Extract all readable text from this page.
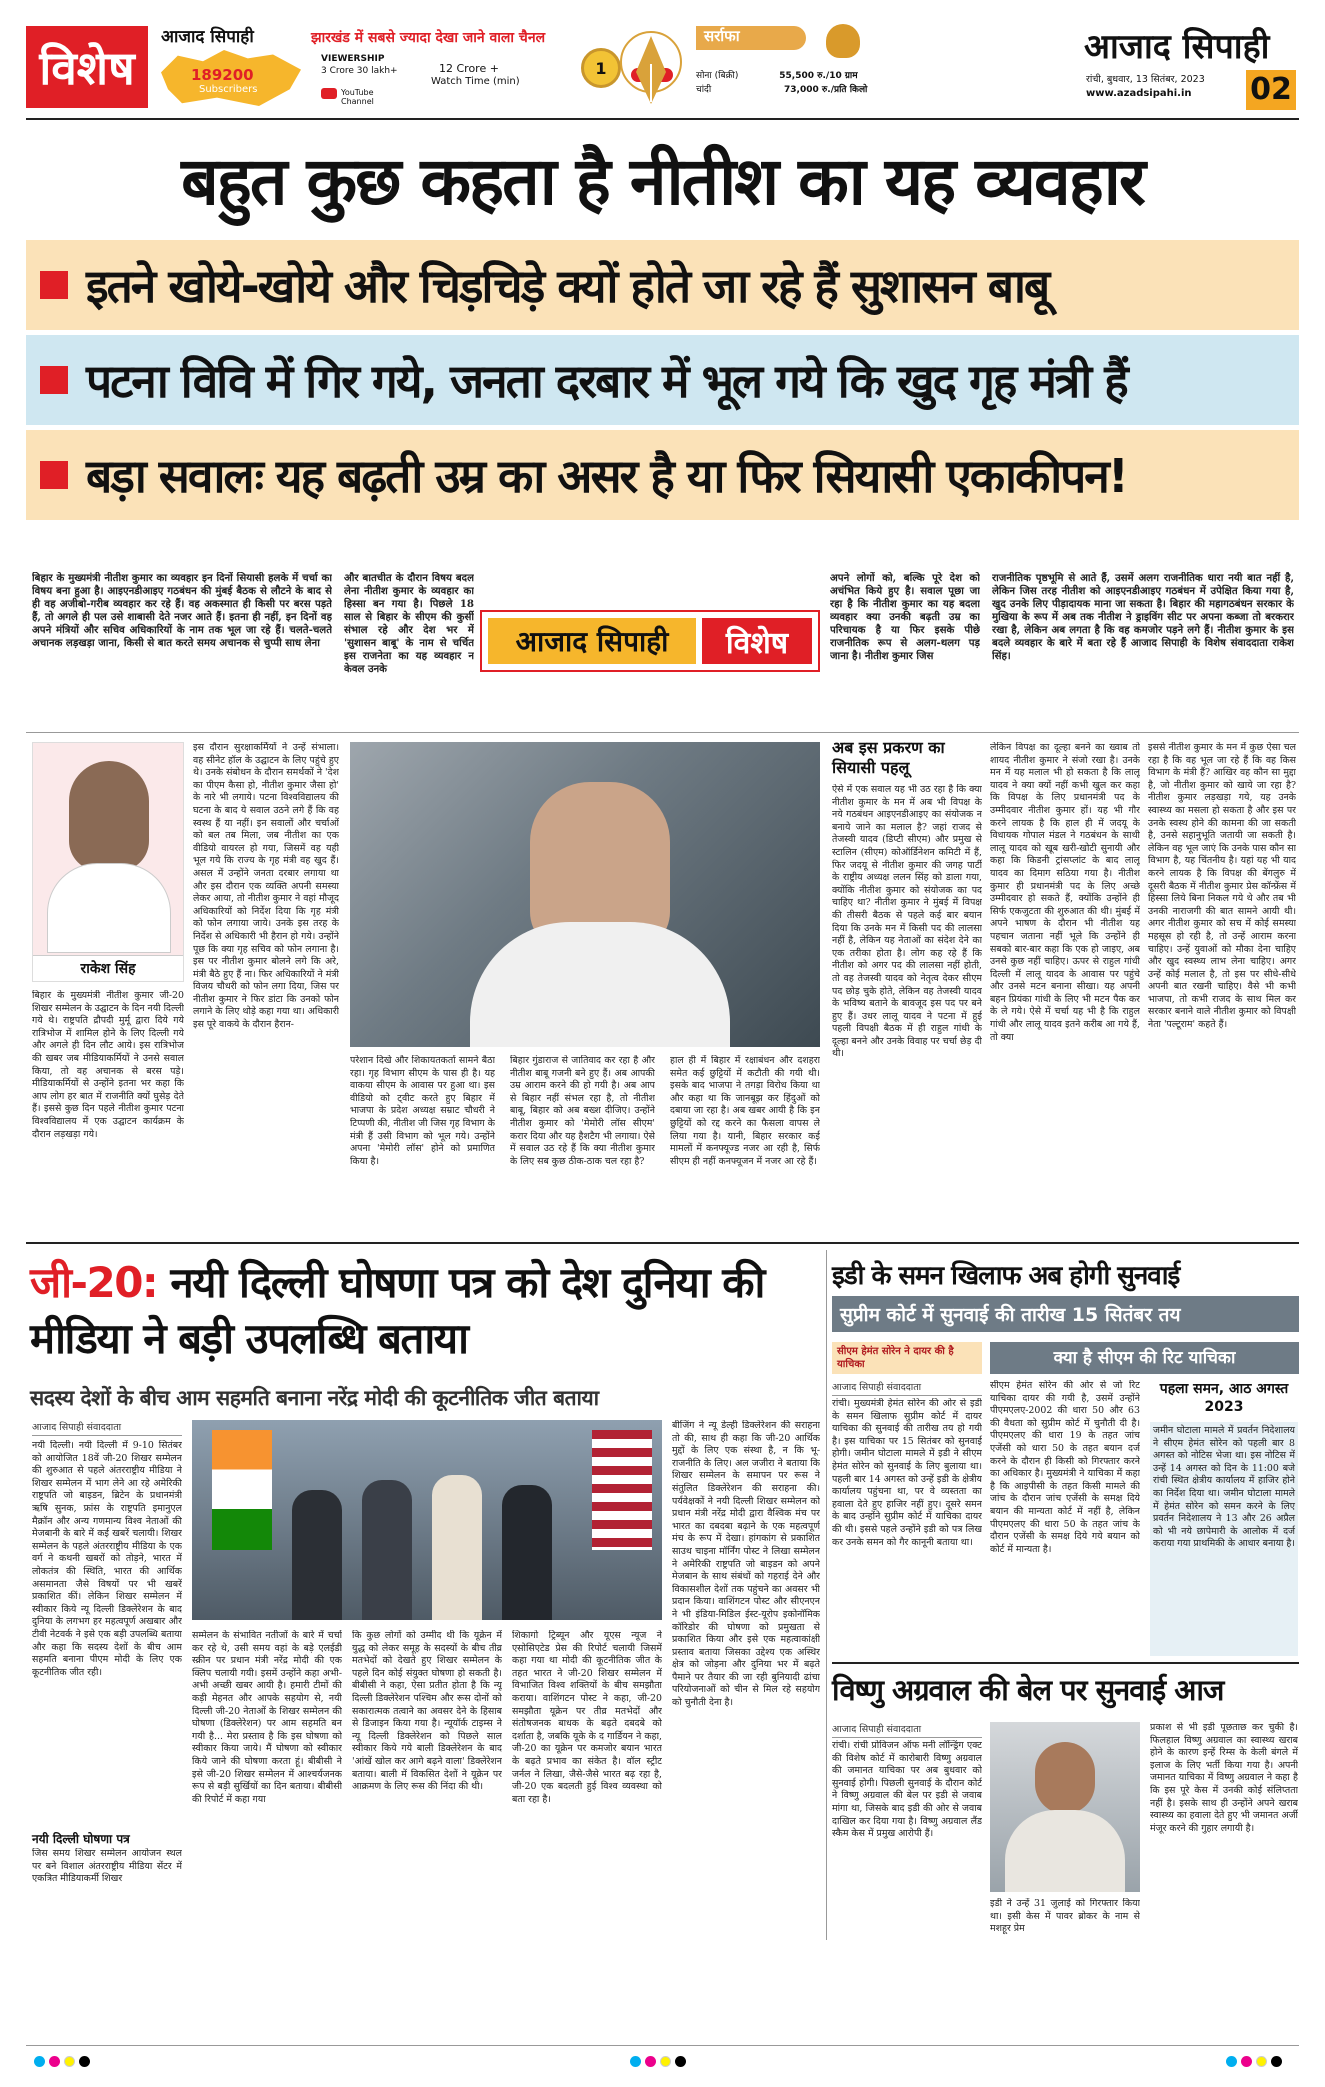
विशेष
आजाद सिपाही
189200
Subscribers
झारखंड में सबसे ज्यादा देखा जाने वाला चैनल
VIEWERSHIP
3 Crore 30 lakh+	12 Crore +
Watch Time (min)
YouTube Channel
1
सर्राफा
सोना (बिक्री)	55,500 रु./10 ग्राम
चांदी	73,000 रु./प्रति किलो
आजाद सिपाही
रांची, बुधवार, 13 सितंबर, 2023
www.azadsipahi.in 02
बहुत कुछ कहता है नीतीश का यह व्यवहार
इतने खोये-खोये और चिड़चिड़े क्यों होते जा रहे हैं सुशासन बाबू
पटना विवि में गिर गये, जनता दरबार में भूल गये कि खुद गृह मंत्री हैं
बड़ा सवालः यह बढ़ती उम्र का असर है या फिर सियासी एकाकीपन!
बिहार के मुख्यमंत्री नीतीश कुमार का व्यवहार इन दिनों सियासी हलके में चर्चा का विषय बना हुआ है। आइएनडीआइए गठबंधन की मुंबई बैठक से लौटने के बाद से ही वह अजीबो-गरीब व्यवहार कर रहे हैं। वह अकस्मात ही किसी पर बरस पड़ते हैं, तो अगले ही पल उसे शाबासी देते नजर आते हैं। इतना ही नहीं, इन दिनों वह अपने मंत्रियों और सचिव अधिकारियों के नाम तक भूल जा रहे हैं। चलते-चलते अचानक लड़खड़ा जाना, किसी से बात करते समय अचानक से चुप्पी साध लेना
और बातचीत के दौरान विषय बदल लेना नीतीश कुमार के व्यवहार का हिस्सा बन गया है। पिछले 18 साल से बिहार के सीएम की कुर्सी संभाल रहे और देश भर में 'सुशासन बाबू' के नाम से चर्चित इस राजनेता का यह व्यवहार न केवल उनके
आजाद सिपाही	विशेष
अपने लोगों को, बल्कि पूरे देश को अचंभित किये हुए है। सवाल पूछा जा रहा है कि नीतीश कुमार का यह बदला व्यवहार क्या उनकी बढ़ती उम्र का परिचायक है या फिर इसके पीछे राजनीतिक रूप से अलग-थलग पड़ जाना है। नीतीश कुमार जिस
राजनीतिक पृष्ठभूमि से आते हैं, उसमें अलग राजनीतिक धारा नयी बात नहीं है, लेकिन जिस तरह नीतीश को आइएनडीआइए गठबंधन में उपेक्षित किया गया है, खुद उनके लिए पीड़ादायक माना जा सकता है। बिहार की महागठबंधन सरकार के मुखिया के रूप में अब तक नीतीश ने ड्राइविंग सीट पर अपना कब्जा तो बरकरार रखा है, लेकिन अब लगता है कि वह कमजोर पड़ने लगे हैं। नीतीश कुमार के इस बदले व्यवहार के बारे में बता रहे हैं आजाद सिपाही के विशेष संवाददाता राकेश सिंह।
राकेश सिंह
बिहार के मुख्यमंत्री नीतीश कुमार जी-20 शिखर सम्मेलन के उद्घाटन के दिन नयी दिल्ली गये थे। राष्ट्रपति द्रौपदी मुर्मू द्वारा दिये गये रात्रिभोज में शामिल होने के लिए दिल्ली गये और अगले ही दिन लौट आये। इस रात्रिभोज की खबर जब मीडियाकर्मियों ने उनसे सवाल किया, तो वह अचानक से बरस पड़े। मीडियाकर्मियों से उन्होंने इतना भर कहा कि आप लोग हर बात में राजनीति क्यों घुसेड़ देते हैं। इससे कुछ दिन पहले नीतीश कुमार पटना विश्वविद्यालय में एक उद्घाटन कार्यक्रम के दौरान लड़खड़ा गये।
इस दौरान सुरक्षाकर्मियों ने उन्हें संभाला। वह सीनेट हॉल के उद्घाटन के लिए पहुंचे हुए थे। उनके संबोधन के दौरान समर्थकों ने 'देश का पीएम कैसा हो, नीतीश कुमार जैसा हो' के नारे भी लगाये। पटना विश्वविद्यालय की घटना के बाद ये सवाल उठने लगे हैं कि वह स्वस्थ हैं या नहीं। इन सवालों और चर्चाओं को बल तब मिला, जब नीतीश का एक वीडियो वायरल हो गया, जिसमें वह यही भूल गये कि राज्य के गृह मंत्री वह खुद हैं। असल में उन्होंने जनता दरबार लगाया था और इस दौरान एक व्यक्ति अपनी समस्या लेकर आया, तो नीतीश कुमार ने वहां मौजूद अधिकारियों को निर्देश दिया कि गृह मंत्री को फोन लगाया जाये। उनके इस तरह के निर्देश से अधिकारी भी हैरान हो गये। उन्होंने पूछ कि क्या गृह सचिव को फोन लगाना है। इस पर नीतीश कुमार बोलने लगे कि अरे, मंत्री बैठे हुए हैं ना। फिर अधिकारियों ने मंत्री विजय चौधरी को फोन लगा दिया, जिस पर नीतीश कुमार ने फिर डांटा कि उनको फोन लगाने के लिए थोड़े कहा गया था। अधिकारी इस पूरे वाकये के दौरान हैरान-
परेशान दिखे और शिकायतकर्ता सामने बैठा रहा। गृह विभाग सीएम के पास ही है। यह वाकया सीएम के आवास पर हुआ था। इस वीडियो को ट्वीट करते हुए बिहार में भाजपा के प्रदेश अध्यक्ष सम्राट चौधरी ने टिप्पणी की, नीतीश जी जिस गृह विभाग के मंत्री हैं उसी विभाग को भूल गये। उन्होंने अपना 'मेमोरी लॉस' होने को प्रमाणित किया है।
बिहार गुंडाराज से जातिवाद कर रहा है और नीतीश बाबू गजनी बने हुए हैं। अब आपकी उम्र आराम करने की हो गयी है। अब आप से बिहार नहीं संभल रहा है, तो नीतीश बाबू, बिहार को अब बख्श दीजिए। उन्होंने नीतीश कुमार को 'मेमोरी लॉस सीएम' करार दिया और यह हैशटैग भी लगाया। ऐसे में सवाल उठ रहे हैं कि क्या नीतीश कुमार के लिए सब कुछ ठीक-ठाक चल रहा है?
हाल ही में बिहार में रक्षाबंधन और दशहरा समेत कई छुट्टियों में कटौती की गयी थी। इसके बाद भाजपा ने तगड़ा विरोध किया था और कहा था कि जानबूझ कर हिंदुओं को दबाया जा रहा है। अब खबर आयी है कि इन छुट्टियों को रद्द करने का फैसला वापस ले लिया गया है। यानी, बिहार सरकार कई मामलों में कनफ्यूज्ड नजर आ रही है, सिर्फ सीएम ही नहीं कनफ्यूजन में नजर आ रहे हैं।
अब इस प्रकरण का सियासी पहलू
ऐसे में एक सवाल यह भी उठ रहा है कि क्या नीतीश कुमार के मन में अब भी विपक्ष के नये गठबंधन आइएनडीआइए का संयोजक न बनाये जाने का मलाल है? जहां राजद से तेजस्वी यादव (डिप्टी सीएम) और प्रमुख से स्टालिन (सीएम) कोऑर्डिनेशन कमिटी में हैं, फिर जदयू से नीतीश कुमार की जगह पार्टी के राष्ट्रीय अध्यक्ष ललन सिंह को डाला गया, क्योंकि नीतीश कुमार को संयोजक का पद चाहिए था? नीतीश कुमार ने मुंबई में विपक्ष की तीसरी बैठक से पहले कई बार बयान दिया कि उनके मन में किसी पद की लालसा नहीं है, लेकिन यह नेताओं का संदेश देने का एक तरीका होता है। लोग कह रहे हैं कि नीतीश को अगर पद की लालसा नहीं होती, तो वह तेजस्वी यादव को नेतृत्व देकर सीएम पद छोड़ चुके होते, लेकिन वह तेजस्वी यादव के भविष्य बताने के बावजूद इस पद पर बने हुए हैं। उधर लालू यादव ने पटना में हुई पहली विपक्षी बैठक में ही राहुल गांधी के दूल्हा बनने और उनके विवाह पर चर्चा छेड़ दी थी।
लेकिन विपक्ष का दूल्हा बनने का ख्वाब तो शायद नीतीश कुमार ने संजो रखा है। उनके मन में यह मलाल भी हो सकता है कि लालू यादव ने क्या क्यों नहीं कभी खुल कर कहा कि विपक्ष के लिए प्रधानमंत्री पद के उम्मीदवार नीतीश कुमार हों। यह भी गौर करने लायक है कि हाल ही में जदयू के विधायक गोपाल मंडल ने गठबंधन के साथी लालू यादव को खूब खरी-खोटी सुनायी और कहा कि किडनी ट्रांसप्लांट के बाद लालू यादव का दिमाग सठिया गया है। नीतीश कुमार ही प्रधानमंत्री पद के लिए अच्छे उम्मीदवार हो सकते हैं, क्योंकि उन्होंने ही सिर्फ एकजुटता की शुरुआत की थी। मुंबई में अपने भाषण के दौरान भी नीतीश यह पहचान जताना नहीं भूले कि उन्होंने ही सबको बार-बार कहा कि एक हो जाइए, अब उनसे कुछ नहीं चाहिए। ऊपर से राहुल गांधी दिल्ली में लालू यादव के आवास पर पहुंचे और उनसे मटन बनाना सीखा। यह अपनी बहन प्रियंका गांधी के लिए भी मटन पैक कर के ले गये। ऐसे में चर्चा यह भी है कि राहुल गांधी और लालू यादव इतने करीब आ गये हैं, तो क्या
इससे नीतीश कुमार के मन में कुछ ऐसा चल रहा है कि वह भूल जा रहे हैं कि वह किस विभाग के मंत्री हैं? आखिर वह कौन सा मुद्दा है, जो नीतीश कुमार को खाये जा रहा है? नीतीश कुमार लड़खड़ा गये, यह उनके स्वास्थ्य का मसला हो सकता है और इस पर उनके स्वस्थ होने की कामना की जा सकती है, उनसे सहानुभूति जतायी जा सकती है। लेकिन वह भूल जाएं कि उनके पास कौन सा विभाग है, यह चिंतनीय है। यहां यह भी याद करने लायक है कि विपक्ष की बेंगलुरु में दूसरी बैठक में नीतीश कुमार प्रेस कॉन्फ्रेंस में हिस्सा लिये बिना निकल गये थे और तब भी उनकी नाराजगी की बात सामने आयी थी। अगर नीतीश कुमार को सच में कोई समस्या महसूस हो रही है, तो उन्हें आराम करना चाहिए। उन्हें युवाओं को मौका देना चाहिए और खुद स्वस्थ्य लाभ लेना चाहिए। अगर उन्हें कोई मलाल है, तो इस पर सीधे-सीधे अपनी बात रखनी चाहिए। वैसे भी कभी भाजपा, तो कभी राजद के साथ मिल कर सरकार बनाने वाले नीतीश कुमार को विपक्षी नेता 'पल्टूराम' कहते हैं।
जी-20: नयी दिल्ली घोषणा पत्र को देश दुनिया की मीडिया ने बड़ी उपलब्धि बताया
सदस्य देशों के बीच आम सहमति बनाना नरेंद्र मोदी की कूटनीतिक जीत बताया
आजाद सिपाही संवाददाता
नयी दिल्ली। नयी दिल्ली में 9-10 सितंबर को आयोजित 18वें जी-20 शिखर सम्मेलन की शुरुआत से पहले अंतरराष्ट्रीय मीडिया ने शिखर सम्मेलन में भाग लेने आ रहे अमेरिकी राष्ट्रपति जो बाइडन, ब्रिटेन के प्रधानमंत्री ऋषि सुनक, फ्रांस के राष्ट्रपति इमानुएल मैक्रॉन और अन्य गणमान्य विश्व नेताओं की मेजबानी के बारे में कई खबरें चलायी। शिखर सम्मेलन के पहले अंतरराष्ट्रीय मीडिया के एक वर्ग ने कथनी खबरों को तोड़ने, भारत में लोकतंत्र की स्थिति, भारत की आर्थिक असमानता जैसे विषयों पर भी खबरें प्रकाशित कीं। लेकिन शिखर सम्मेलन में स्वीकार किये न्यू दिल्ली डिक्लेरेशन के बाद दुनिया के लगभग हर महत्वपूर्ण अखबार और टीवी नेटवर्क ने इसे एक बड़ी उपलब्धि बताया और कहा कि सदस्य देशों के बीच आम सहमति बनाना पीएम मोदी के लिए एक कूटनीतिक जीत रही।
नयी दिल्ली घोषणा पत्र
जिस समय शिखर सम्मेलन आयोजन स्थल पर बने विशाल अंतरराष्ट्रीय मीडिया सेंटर में एकत्रित मीडियाकर्मी शिखर
सम्मेलन के संभावित नतीजों के बारे में चर्चा कर रहे थे, उसी समय वहां के बड़े एलईडी स्क्रीन पर प्रधान मंत्री नरेंद्र मोदी की एक क्लिप चलायी गयी। इसमें उन्होंने कहा अभी-अभी अच्छी खबर आयी है। हमारी टीमों की कड़ी मेहनत और आपके सहयोग से, नयी दिल्ली जी-20 नेताओं के शिखर सम्मेलन की घोषणा (डिक्लेरेशन) पर आम सहमति बन गयी है... मेरा प्रस्ताव है कि इस घोषणा को स्वीकार किया जाये। मैं घोषणा को स्वीकार किये जाने की घोषणा करता हूं। बीबीसी ने इसे जी-20 शिखर सम्मेलन में आश्चर्यजनक रूप से बड़ी सुर्खियों का दिन बताया। बीबीसी की रिपोर्ट में कहा गया
कि कुछ लोगों को उम्मीद थी कि यूक्रेन में युद्ध को लेकर समूह के सदस्यों के बीच तीव्र मतभेदों को देखते हुए शिखर सम्मेलन के पहले दिन कोई संयुक्त घोषणा हो सकती है। बीबीसी ने कहा, ऐसा प्रतीत होता है कि न्यू दिल्ली डिक्लेरेशन पश्चिम और रूस दोनों को सकारात्मक तत्वाने का अवसर देने के हिसाब से डिजाइन किया गया है। न्यूयॉर्क टाइम्स ने न्यू दिल्ली डिक्लेरेशन को पिछले साल स्वीकार किये गये बाली डिक्लेरेशन के बाद 'आंखें खोल कर आगे बढ़ने वाला' डिक्लेरेशन बताया। बाली में विकसित देशों ने यूक्रेन पर आक्रमण के लिए रूस की निंदा की थी।
शिकागो ट्रिब्यून और यूएस न्यूज ने एसोसिएटेड प्रेस की रिपोर्ट चलायी जिसमें कहा गया था मोदी की कूटनीतिक जीत के तहत भारत ने जी-20 शिखर सम्मेलन में विभाजित विश्व शक्तियों के बीच समझौता कराया। वाशिंगटन पोस्ट ने कहा, जी-20 समझौता यूक्रेन पर तीव्र मतभेदों और संतोषजनक बाधक के बढ़ते दबदबे को दर्शाता है, जबकि यूके के द गार्डियन ने कहा, जी-20 का यूक्रेन पर कमजोर बयान भारत के बढ़ते प्रभाव का संकेत है। वॉल स्ट्रीट जर्नल ने लिखा, जैसे-जैसे भारत बढ़ रहा है, जी-20 एक बदलती हुई विश्व व्यवस्था को बता रहा है।
बीजिंग ने न्यू डेल्ही डिक्लेरेशन की सराहना तो की, साथ ही कहा कि जी-20 आर्थिक मुद्दों के लिए एक संस्था है, न कि भू-राजनीति के लिए। अल जजीरा ने बताया कि शिखर सम्मेलन के समापन पर रूस ने संतुलित डिक्लेरेशन की सराहना की। पर्यवेक्षकों ने नयी दिल्ली शिखर सम्मेलन को प्रधान मंत्री नरेंद्र मोदी द्वारा वैश्विक मंच पर भारत का दबदबा बढ़ाने के एक महत्वपूर्ण मंच के रूप में देखा। हांगकांग से प्रकाशित साउथ चाइना मॉर्निंग पोस्ट ने लिखा सम्मेलन ने अमेरिकी राष्ट्रपति जो बाइडन को अपने मेजबान के साथ संबंधों को गहराई देने और विकासशील देशों तक पहुंचने का अवसर भी प्रदान किया। वाशिंगटन पोस्ट और सीएनएन ने भी इंडिया-मिडिल ईस्ट-यूरोप इकोनॉमिक कॉरिडोर की घोषणा को प्रमुखता से प्रकाशित किया और इसे एक महत्वाकांक्षी प्रस्ताव बताया जिसका उद्देश्य एक अस्थिर क्षेत्र को जोड़ना और दुनिया भर में बढ़ते पैमाने पर तैयार की जा रही बुनियादी ढांचा परियोजनाओं को चीन से मिल रहे सहयोग को चुनौती देना है।
इडी के समन खिलाफ अब होगी सुनवाई
सुप्रीम कोर्ट में सुनवाई की तारीख 15 सितंबर तय
सीएम हेमंत सोरेन ने दायर की है याचिका	क्या है सीएम की रिट याचिका
आजाद सिपाही संवाददाता
रांची। मुख्यमंत्री हेमंत सोरेन की ओर से इडी के समन खिलाफ सुप्रीम कोर्ट में दायर याचिका की सुनवाई की तारीख तय हो गयी है। इस याचिका पर 15 सितंबर को सुनवाई होगी। जमीन घोटाला मामले में इडी ने सीएम हेमंत सोरेन को सुनवाई के लिए बुलाया था। पहली बार 14 अगस्त को उन्हें इडी के क्षेत्रीय कार्यालय पहुंचना था, पर वे व्यस्तता का हवाला देते हुए हाजिर नहीं हुए। दूसरे समन के बाद उन्होंने सुप्रीम कोर्ट में याचिका दायर की थी। इससे पहले उन्होंने इडी को पत्र लिख कर उनके समन को गैर कानूनी बताया था।
सीएम हेमंत सोरेन की ओर से जो रिट याचिका दायर की गयी है, उसमें उन्होंने पीएमएलए-2002 की धारा 50 और 63 की वैधता को सुप्रीम कोर्ट में चुनौती दी है। पीएमएलए की धारा 19 के तहत जांच एजेंसी को धारा 50 के तहत बयान दर्ज करने के दौरान ही किसी को गिरफ्तार करने का अधिकार है। मुख्यमंत्री ने याचिका में कहा है कि आइपीसी के तहत किसी मामले की जांच के दौरान जांच एजेंसी के समक्ष दिये बयान की मान्यता कोर्ट में नहीं है, लेकिन पीएमएलए की धारा 50 के तहत जांच के दौरान एजेंसी के समक्ष दिये गये बयान को कोर्ट में मान्यता है।
पहला समन, आठ अगस्त 2023
जमीन घोटाला मामले में प्रवर्तन निदेशालय ने सीएम हेमंत सोरेन को पहली बार 8 अगस्त को नोटिस भेजा था। इस नोटिस में उन्हें 14 अगस्त को दिन के 11:00 बजे रांची स्थित क्षेत्रीय कार्यालय में हाजिर होने का निर्देश दिया था। जमीन घोटाला मामले में हेमंत सोरेन को समन करने के लिए प्रवर्तन निदेशालय ने 13 और 26 अप्रैल को भी नये छापेमारी के आलोक में दर्ज कराया गया प्राथमिकी के आधार बनाया है।
विष्णु अग्रवाल की बेल पर सुनवाई आज
आजाद सिपाही संवाददाता
रांची। रांची प्रोविजन ऑफ मनी लॉन्ड्रिंग एक्ट की विशेष कोर्ट में कारोबारी विष्णु अग्रवाल की जमानत याचिका पर अब बुधवार को सुनवाई होगी। पिछली सुनवाई के दौरान कोर्ट ने विष्णु अग्रवाल की बेल पर इडी से जवाब मांगा था, जिसके बाद इडी की ओर से जवाब दाखिल कर दिया गया है। विष्णु अग्रवाल लैंड स्कैम केस में प्रमुख आरोपी हैं।
इडी ने उन्हें 31 जुलाई को गिरफ्तार किया था। इसी केस में पावर ब्रोकर के नाम से मशहूर प्रेम
प्रकाश से भी इडी पूछताछ कर चुकी है। फिलहाल विष्णु अग्रवाल का स्वास्थ्य खराब होने के कारण इन्हें रिम्स के केली बंगले में इलाज के लिए भर्ती किया गया है। अपनी जमानत याचिका में विष्णु अग्रवाल ने कहा है कि इस पूरे केस में उनकी कोई संलिप्तता नहीं है। इसके साथ ही उन्होंने अपने खराब स्वास्थ्य का हवाला देते हुए भी जमानत अर्जी मंजूर करने की गुहार लगायी है।
